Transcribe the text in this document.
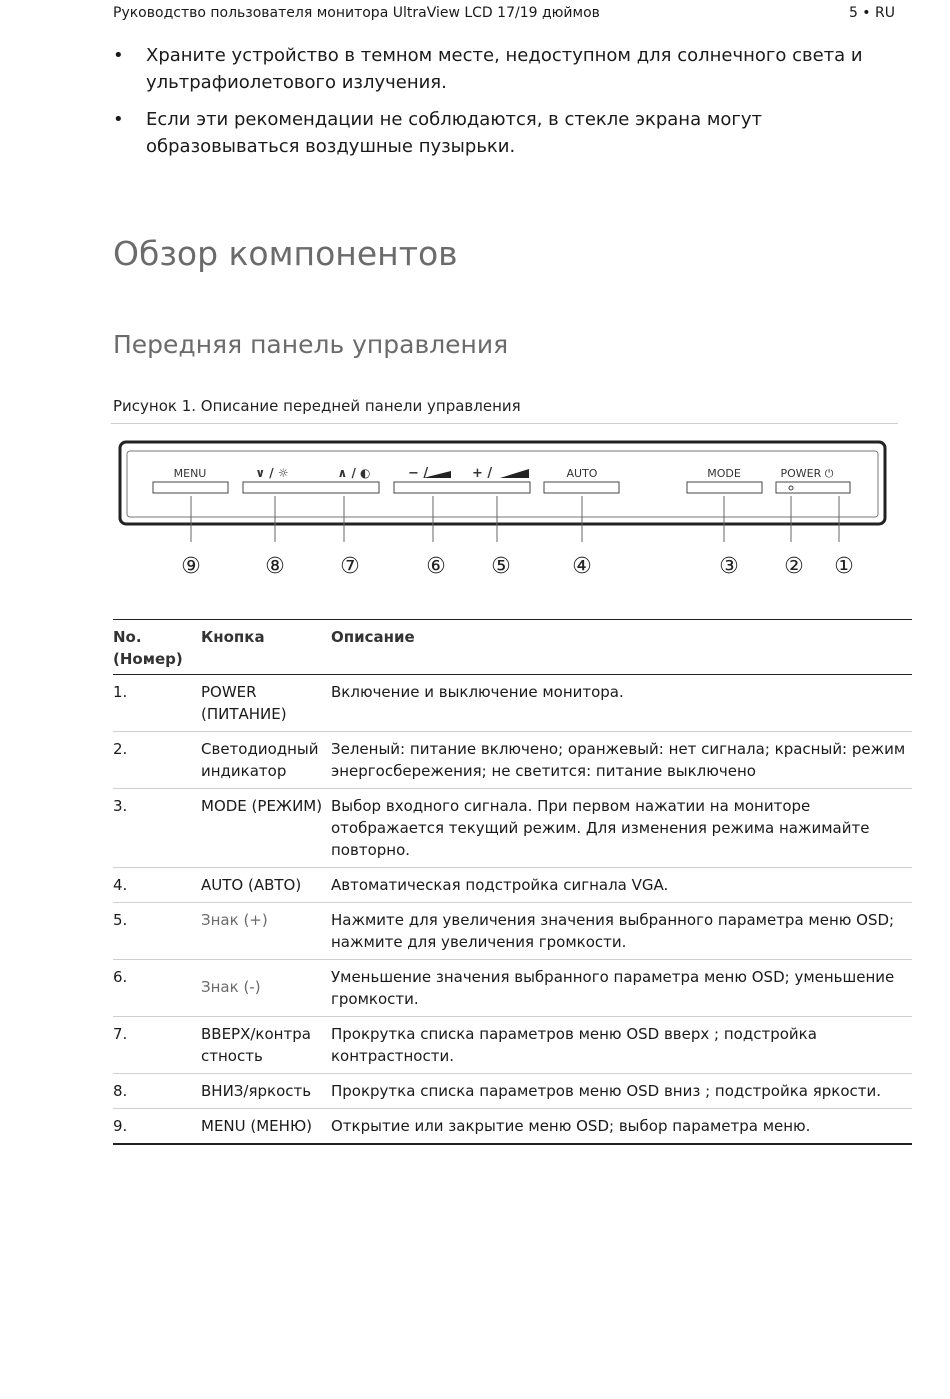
Руководство пользователя монитора UltraView LCD 17/19 дюймов	5 • RU
• Храните устройство в темном месте, недоступном для солнечного света и ультрафиолетового излучения.
• Если эти рекомендации не соблюдаются, в стекле экрана могут образовываться воздушные пузырьки.
Обзор компонентов
Передняя панель управления
Рисунок 1. Описание передней панели управления
MENU	∨ / ☼	∧ / ◐	− /	+ /	AUTO	MODE	POWER ⏻
⑨	⑧	⑦	⑥ ⑤	④	③ ② ①
No. (Номер)	Кнопка	Описание
1.	POWER (ПИТАНИЕ)	Включение и выключение монитора.
2.	Светодиодный индикатор	Зеленый: питание включено; оранжевый: нет сигнала; красный: режим энергосбережения; не светится: питание выключено
3.	MODE (РЕЖИМ)	Выбор входного сигнала. При первом нажатии на мониторе отображается текущий режим. Для изменения режима нажимайте повторно.
4.	AUTO (АВТО)	Автоматическая подстройка сигнала VGA.
5.	Знак (+)	Нажмите для увеличения значения выбранного параметра меню OSD; нажмите для увеличения громкости.
6.	Знак (-)	Уменьшение значения выбранного параметра меню OSD; уменьшение громкости.
7.	ВВЕРХ/контра стность	Прокрутка списка параметров меню OSD вверх ; подстройка контрастности.
8.	ВНИЗ/яркость	Прокрутка списка параметров меню OSD вниз ; подстройка яркости.
9.	MENU (МЕНЮ)	Открытие или закрытие меню OSD; выбор параметра меню.
